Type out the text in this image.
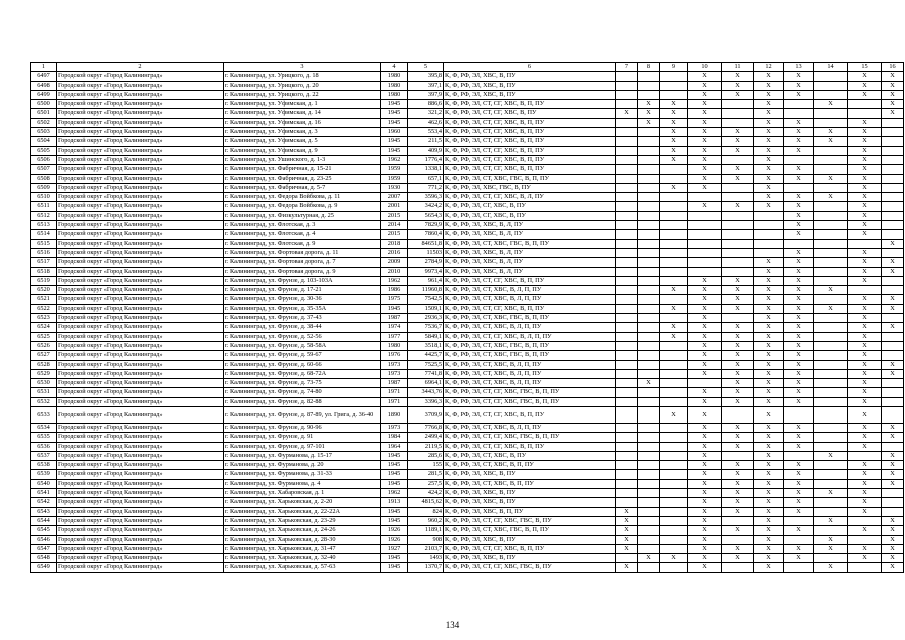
1	2	3	4	5	6	7	8	9	10	11	12	13	14	15	16
6497	Городской округ «Город Калининград»	г. Калининград, ул. Урицкого, д. 18	1980	395,8	К, Ф, РФ, ЭЛ, ХВС, В, ПУ				X	X	X	X		X	X
6498	Городской округ «Город Калининград»	г. Калининград, ул. Урицкого, д. 20	1980	397,1	К, Ф, РФ, ЭЛ, ХВС, В, ПУ				X	X	X	X		X	X
6499	Городской округ «Город Калининград»	г. Калининград, ул. Урицкого, д. 22	1980	397,9	К, Ф, РФ, ЭЛ, ХВС, В, ПУ				X	X	X	X		X	X
6500	Городской округ «Город Калининград»	г. Калининград, ул. Уфимская, д. 1	1945	886,6	К, Ф, РФ, ЭЛ, СТ, СГ, ХВС, В, П, ПУ		X	X	X		X		X		X
6501	Городской округ «Город Калининград»	г. Калининград, ул. Уфимская, д. 14	1945	321,2	К, Ф, РФ, ЭЛ, СТ, СГ, ХВС, В, ПУ	X	X	X	X		X				X
6502	Городской округ «Город Калининград»	г. Калининград, ул. Уфимская, д. 16	1945	462,6	К, Ф, РФ, ЭЛ, СТ, СГ, ХВС, В, П, ПУ		X	X	X		X	X		X	
6503	Городской округ «Город Калининград»	г. Калининград, ул. Уфимская, д. 3	1960	553,4	К, Ф, РФ, ЭЛ, СТ, СГ, ХВС, В, П, ПУ			X	X	X	X	X	X	X	
6504	Городской округ «Город Калининград»	г. Калининград, ул. Уфимская, д. 5	1945	211,5	К, Ф, РФ, ЭЛ, СТ, СГ, ХВС, В, П, ПУ			X	X	X	X	X	X	X	
6505	Городской округ «Город Калининград»	г. Калининград, ул. Уфимская, д. 9	1945	409,9	К, Ф, РФ, ЭЛ, СТ, СГ, ХВС, В, П, ПУ			X	X	X	X	X		X	
6506	Городской округ «Город Калининград»	г. Калининград, ул. Ушинского, д. 1-3	1962	1776,4	К, Ф, РФ, ЭЛ, СТ, СГ, ХВС, В, П, ПУ			X	X		X			X	
6507	Городской округ «Город Калининград»	г. Калининград, ул. Фабричная, д. 15-21	1959	1338,1	К, Ф, РФ, ЭЛ, СТ, СГ, ХВС, В, П, ПУ				X	X	X	X		X	
6508	Городской округ «Город Калининград»	г. Калининград, ул. Фабричная, д. 23-25	1959	657,1	К, Ф, РФ, ЭЛ, СТ, ХВС, ГВС, В, П, ПУ				X	X	X	X	X	X	
6509	Городской округ «Город Калининград»	г. Калининград, ул. Фабричная, д. 5-7	1930	771,2	К, Ф, РФ, ЭЛ, ХВС, ГВС, В, ПУ			X	X		X			X	
6510	Городской округ «Город Калининград»	г. Калининград, ул. Федора Войбкова, д. 11	2007	3596,3	К, Ф, РФ, ЭЛ, СТ, СГ, ХВС, В, Л, ПУ						X	X	X	X	
6511	Городской округ «Город Калининград»	г. Калининград, ул. Федора Войбкова, д. 9	2001	3424,2	К, Ф, РФ, ЭЛ, СГ, ХВС, В, ПУ				X	X	X	X		X	
6512	Городской округ «Город Калининград»	г. Калининград, ул. Физкультурная, д. 25	2015	5654,3	К, Ф, РФ, ЭЛ, СГ, ХВС, В, ПУ							X		X	
6513	Городской округ «Город Калининград»	г. Калининград, ул. Флотская, д. 3	2014	7829,9	К, Ф, РФ, ЭЛ, ХВС, В, Л, ПУ							X		X	
6514	Городской округ «Город Калининград»	г. Калининград, ул. Флотская, д. 4	2015	7860,4	К, Ф, РФ, ЭЛ, ХВС, В, Л, ПУ							X		X	
6515	Городской округ «Город Калининград»	г. Калининград, ул. Флотская, д. 9	2018	84651,8	К, Ф, РФ, ЭЛ, СТ, ХВС, ГВС, В, П, ПУ										X
6516	Городской округ «Город Калининград»	г. Калининград, ул. Фортовая дорога, д. 11	2016	11503	К, Ф, РФ, ЭЛ, ХВС, В, Л, ПУ							X		X	
6517	Городской округ «Город Калининград»	г. Калининград, ул. Фортовая дорога, д. 7	2009	2784,9	К, Ф, РФ, ЭЛ, ХВС, В, Л, ПУ						X	X		X	X
6518	Городской округ «Город Калининград»	г. Калининград, ул. Фортовая дорога, д. 9	2010	9973,4	К, Ф, РФ, ЭЛ, ХВС, В, Л, ПУ						X	X		X	X
6519	Городской округ «Город Калининград»	г. Калининград, ул. Фрунзе, д. 103-103А	1962	961,4	К, Ф, РФ, ЭЛ, СТ, СГ, ХВС, В, П, ПУ				X	X	X	X		X	
6520	Городской округ «Город Калининград»	г. Калининград, ул. Фрунзе, д. 17-21	1986	11960,8	К, Ф, РФ, ЭЛ, СТ, ХВС, В, Л, П, ПУ			X	X	X	X	X	X		
6521	Городской округ «Город Калининград»	г. Калининград, ул. Фрунзе, д. 30-36	1975	7542,5	К, Ф, РФ, ЭЛ, СТ, ХВС, В, Л, П, ПУ				X	X	X	X		X	X
6522	Городской округ «Город Калининград»	г. Калининград, ул. Фрунзе, д. 35-35А	1945	1509,1	К, Ф, РФ, ЭЛ, СТ, СГ, ХВС, В, П, ПУ			X	X	X	X	X	X	X	X
6523	Городской округ «Город Калининград»	г. Калининград, ул. Фрунзе, д. 37-43	1987	2936,3	К, Ф, РФ, ЭЛ, СТ, ХВС, ГВС, В, П, ПУ				X		X	X		X	
6524	Городской округ «Город Калининград»	г. Калининград, ул. Фрунзе, д. 38-44	1974	7536,7	К, Ф, РФ, ЭЛ, СТ, ХВС, В, Л, П, ПУ			X	X	X	X	X		X	X
6525	Городской округ «Город Калининград»	г. Калининград, ул. Фрунзе, д. 52-56	1977	5849,1	К, Ф, РФ, ЭЛ, СТ, СГ, ХВС, В, Л, П, ПУ			X	X	X	X	X		X	
6526	Городской округ «Город Калининград»	г. Калининград, ул. Фрунзе, д. 58-58А	1980	3518,1	К, Ф, РФ, ЭЛ, СТ, ХВС, ГВС, В, П, ПУ				X	X	X	X		X	
6527	Городской округ «Город Калининград»	г. Калининград, ул. Фрунзе, д. 59-67	1976	4425,7	К, Ф, РФ, ЭЛ, СТ, ХВС, ГВС, В, П, ПУ				X	X	X	X		X	
6528	Городской округ «Город Калининград»	г. Калининград, ул. Фрунзе, д. 60-66	1973	7525,5	К, Ф, РФ, ЭЛ, СТ, ХВС, В, Л, П, ПУ				X	X	X	X		X	X
6529	Городской округ «Город Калининград»	г. Калининград, ул. Фрунзе, д. 68-72А	1973	7741,8	К, Ф, РФ, ЭЛ, СТ, ХВС, В, Л, П, ПУ				X	X	X	X		X	X
6530	Городской округ «Город Калининград»	г. Калининград, ул. Фрунзе, д. 73-75	1987	6964,1	К, Ф, РФ, ЭЛ, СТ, ХВС, В, Л, П, ПУ		X			X	X	X		X	
6531	Городской округ «Город Калининград»	г. Калининград, ул. Фрунзе, д. 74-80	1971	3443,76	К, Ф, РФ, ЭЛ, СТ, СГ, ХВС, ГВС, В, П, ПУ				X	X	X	X		X	
6532	Городской округ «Город Калининград»	г. Калининград, ул. Фрунзе, д. 82-88	1971	3396,3	К, Ф, РФ, ЭЛ, СТ, СГ, ХВС, ГВС, В, П, ПУ				X	X	X	X		X	
6533	Городской округ «Город Калининград»	г. Калининград, ул. Фрунзе, д. 87-89, ул. Грига, д. 36-40	1890	3709,9	К, Ф, РФ, ЭЛ, СТ, СГ, ХВС, В, П, ПУ			X	X		X			X	
6534	Городской округ «Город Калининград»	г. Калининград, ул. Фрунзе, д. 90-96	1973	7766,8	К, Ф, РФ, ЭЛ, СТ, ХВС, В, Л, П, ПУ				X	X	X	X		X	X
6535	Городской округ «Город Калининград»	г. Калининград, ул. Фрунзе, д. 91	1984	2499,4	К, Ф, РФ, ЭЛ, СТ, СГ, ХВС, ГВС, В, П, ПУ				X	X	X	X		X	X
6536	Городской округ «Город Калининград»	г. Калининград, ул. Фрунзе, д. 97-101	1964	2119,5	К, Ф, РФ, ЭЛ, СТ, СГ, ХВС, В, П, ПУ				X	X	X	X		X	
6537	Городской округ «Город Калининград»	г. Калининград, ул. Фурманова, д. 15-17	1945	285,6	К, Ф, РФ, ЭЛ, СТ, ХВС, В, ПУ				X		X		X		X
6538	Городской округ «Город Калининград»	г. Калининград, ул. Фурманова, д. 20	1945	155	К, Ф, РФ, ЭЛ, СТ, ХВС, В, П, ПУ				X	X	X	X		X	X
6539	Городской округ «Город Калининград»	г. Калининград, ул. Фурманова, д. 31-33	1945	281,5	К, Ф, РФ, ЭЛ, ХВС, В, ПУ				X	X	X	X		X	X
6540	Городской округ «Город Калининград»	г. Калининград, ул. Фурманова, д. 4	1945	257,5	К, Ф, РФ, ЭЛ, СТ, ХВС, В, П, ПУ				X	X	X	X		X	X
6541	Городской округ «Город Калининград»	г. Калининград, ул. Хабаровская, д. 1	1962	424,2	К, Ф, РФ, ЭЛ, ХВС, В, ПУ				X	X	X	X	X	X	
6542	Городской округ «Город Калининград»	г. Калининград, ул. Харьковская, д. 2-20	1913	4815,62	К, Ф, РФ, ЭЛ, ХВС, В, ПУ				X	X	X	X		X	
6543	Городской округ «Город Калининград»	г. Калининград, ул. Харьковская, д. 22-22А	1945	824	К, Ф, РФ, ЭЛ, ХВС, В, П, ПУ	X			X	X	X	X		X	
6544	Городской округ «Город Калининград»	г. Калининград, ул. Харьковская, д. 23-29	1945	960,2	К, Ф, РФ, ЭЛ, СТ, СГ, ХВС, ГВС, В, ПУ	X			X		X		X		X
6545	Городской округ «Город Калининград»	г. Калининград, ул. Харьковская, д. 24-26	1926	1189,1	К, Ф, РФ, ЭЛ, СТ, ХВС, ГВС, В, П, ПУ	X			X	X	X	X		X	X
6546	Городской округ «Город Калининград»	г. Калининград, ул. Харьковская, д. 28-30	1926	908	К, Ф, РФ, ЭЛ, ХВС, В, ПУ	X			X		X		X		X
6547	Городской округ «Город Калининград»	г. Калининград, ул. Харьковская, д. 31-47	1927	2103,7	К, Ф, РФ, ЭЛ, СТ, СГ, ХВС, В, П, ПУ	X			X	X	X	X	X	X	X
6548	Городской округ «Город Калининград»	г. Калининград, ул. Харьковская, д. 32-40	1945	1493	К, Ф, РФ, ЭЛ, ХВС, В, ПУ		X	X	X	X	X	X		X	X
6549	Городской округ «Город Калининград»	г. Калининград, ул. Харьковская, д. 57-63	1945	1370,7	К, Ф, РФ, ЭЛ, СТ, СГ, ХВС, ГВС, В, ПУ	X			X		X		X		X
134
